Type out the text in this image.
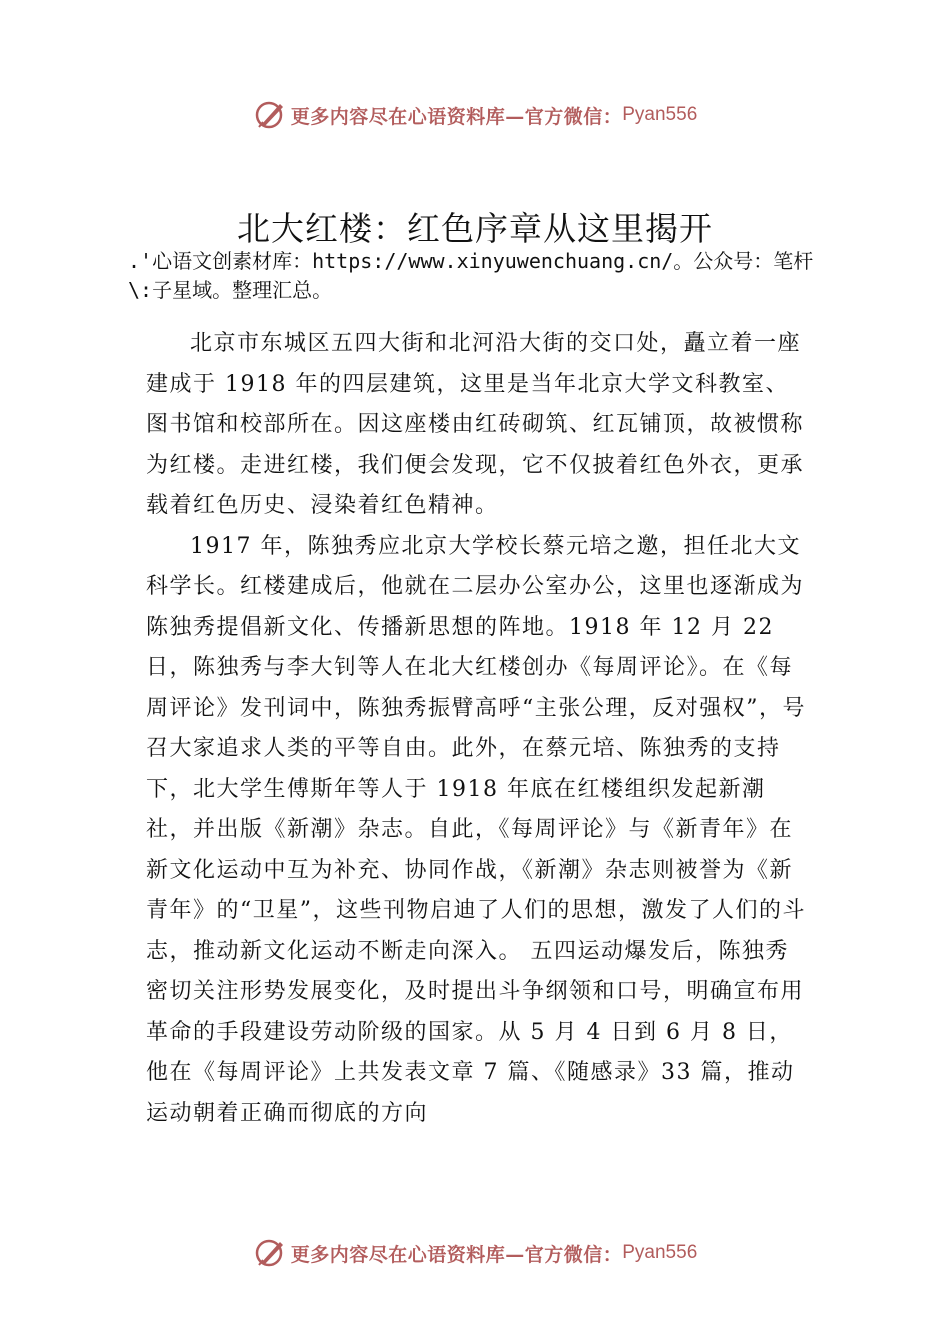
更多内容尽在心语资料库—官方微信： Pyan556
北大红楼：红色序章从这里揭开
.'心语文创素材库：https://www.xinyuwenchuang.cn/。公众号：笔杆\:子星域。整理汇总。

北京市东城区五四大街和北河沿大街的交口处，矗立着一座建成于 1918 年的四层建筑，这里是当年北京大学文科教室、图书馆和校部所在。因这座楼由红砖砌筑、红瓦铺顶，故被惯称为红楼。走进红楼，我们便会发现，它不仅披着红色外衣，更承载着红色历史、浸染着红色精神。

1917 年，陈独秀应北京大学校长蔡元培之邀，担任北大文科学长。红楼建成后，他就在二层办公室办公，这里也逐渐成为陈独秀提倡新文化、传播新思想的阵地。1918 年 12 月 22 日，陈独秀与李大钊等人在北大红楼创办《每周评论》。在《每周评论》发刊词中，陈独秀振臂高呼“主张公理，反对强权”，号召大家追求人类的平等自由。此外，在蔡元培、陈独秀的支持下，北大学生傅斯年等人于 1918 年底在红楼组织发起新潮社，并出版《新潮》杂志。自此，《每周评论》与《新青年》在新文化运动中互为补充、协同作战，《新潮》杂志则被誉为《新青年》的“卫星”，这些刊物启迪了人们的思想，激发了人们的斗志，推动新文化运动不断走向深入。 五四运动爆发后，陈独秀密切关注形势发展变化，及时提出斗争纲领和口号，明确宣布用革命的手段建设劳动阶级的国家。从 5 月 4 日到 6 月 8 日，他在《每周评论》上共发表文章 7 篇、《随感录》33 篇，推动运动朝着正确而彻底的方向

更多内容尽在心语资料库—官方微信： Pyan556
